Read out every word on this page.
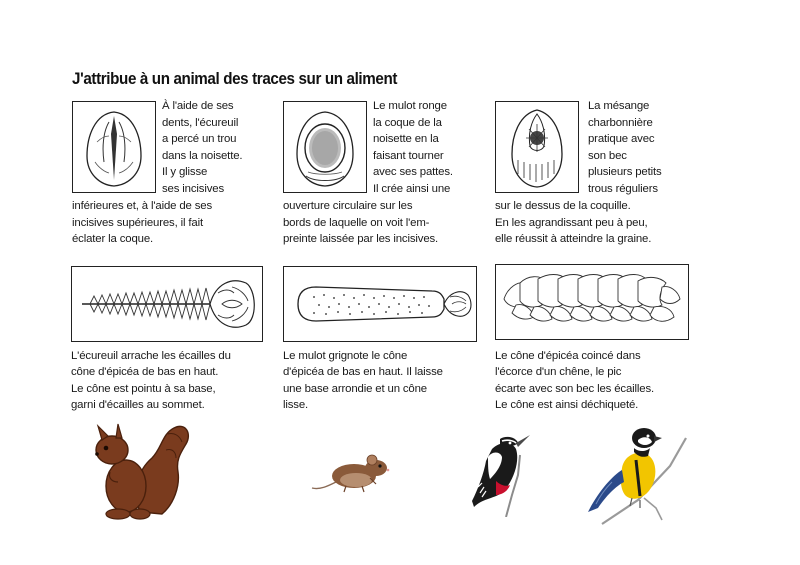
J'attribue à un animal des traces sur un aliment
À l'aide de ses
dents, l'écureuil
a percé un trou
dans la noisette.
Il y glisse
ses incisives
inférieures et, à l'aide de ses
incisives supérieures, il fait
éclater la coque.
Le mulot ronge
la coque de la
noisette en la
faisant tourner
avec ses pattes.
Il crée ainsi une
ouverture circulaire sur les
bords de laquelle on voit l'em-
preinte laissée par les incisives.
La mésange
charbonnière
pratique avec
son bec
plusieurs petits
trous réguliers
sur le dessus de la coquille.
En les agrandissant peu à peu,
elle réussit à atteindre la graine.
L'écureuil arrache les écailles du
cône d'épicéa de bas en haut.
Le cône est pointu à sa base,
garni d'écailles au sommet.
Le mulot grignote le cône
d'épicéa de bas en haut. Il laisse
une base arrondie et un cône
lisse.
Le cône d'épicéa coincé dans
l'écorce d'un chêne, le pic
écarte avec son bec les écailles.
Le cône est ainsi déchiqueté.
